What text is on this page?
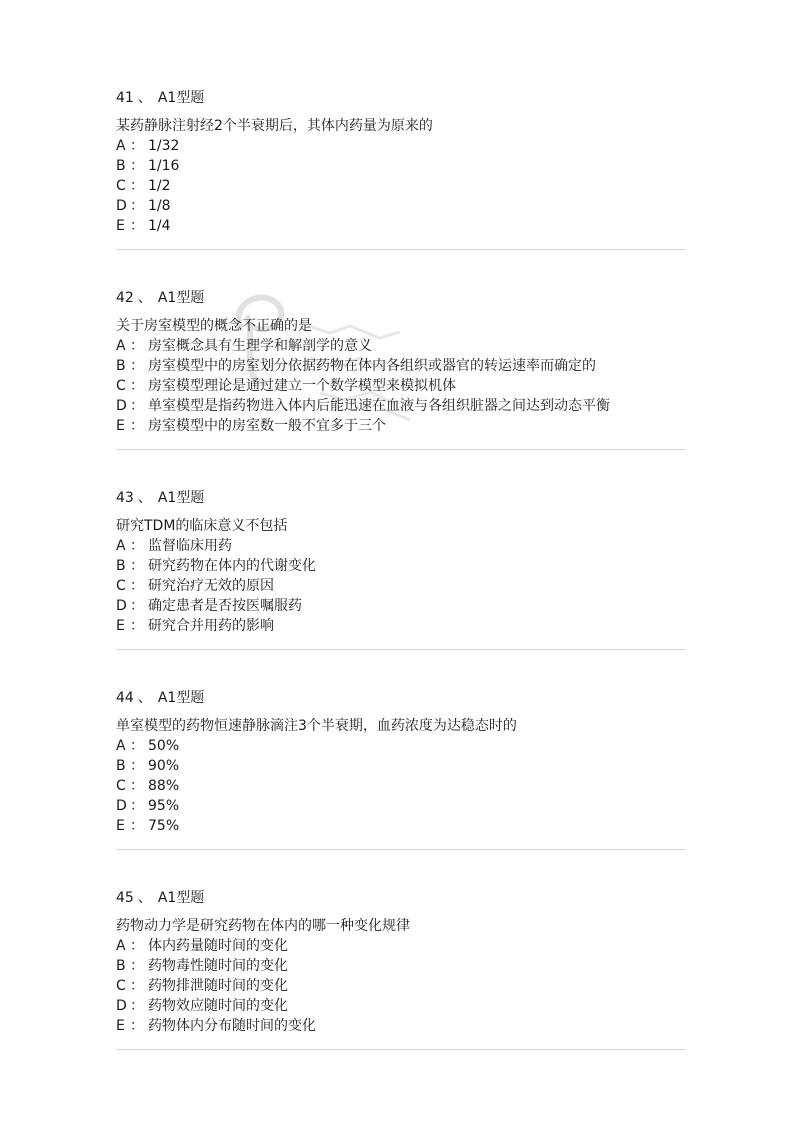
41 、 A1型题
某药静脉注射经2个半衰期后，其体内药量为原来的
A ： 1/32
B ： 1/16
C ： 1/2
D ： 1/8
E ： 1/4
42 、 A1型题
关于房室模型的概念不正确的是
A ： 房室概念具有生理学和解剖学的意义
B ： 房室模型中的房室划分依据药物在体内各组织或器官的转运速率而确定的
C ： 房室模型理论是通过建立一个数学模型来模拟机体
D ： 单室模型是指药物进入体内后能迅速在血液与各组织脏器之间达到动态平衡
E ： 房室模型中的房室数一般不宜多于三个
43 、 A1型题
研究TDM的临床意义不包括
A ： 监督临床用药
B ： 研究药物在体内的代谢变化
C ： 研究治疗无效的原因
D ： 确定患者是否按医嘱服药
E ： 研究合并用药的影响
44 、 A1型题
单室模型的药物恒速静脉滴注3个半衰期，血药浓度为达稳态时的
A ： 50%
B ： 90%
C ： 88%
D ： 95%
E ： 75%
45 、 A1型题
药物动力学是研究药物在体内的哪一种变化规律
A ： 体内药量随时间的变化
B ： 药物毒性随时间的变化
C ： 药物排泄随时间的变化
D ： 药物效应随时间的变化
E ： 药物体内分布随时间的变化
